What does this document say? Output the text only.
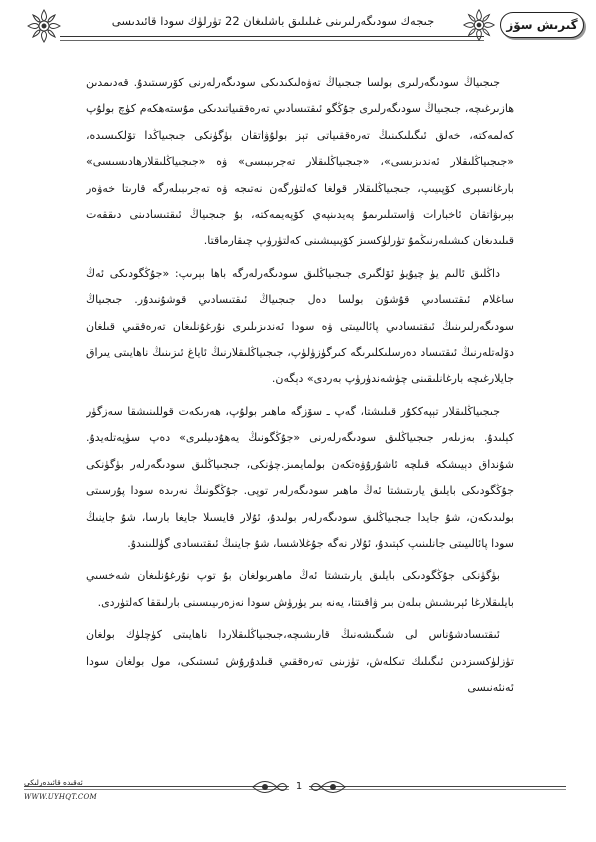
جىجەك سودىگەرلىرىنى غىلىلىق باشلىغان 22 تۈرلۈك سودا قائىدىسى	گىرىش سۆز

جىجىياڭ سودىگەرلىرى بولسا جىجىياڭ تەۋەلىكىدىكى سودىگەرلەرنى كۆرسىتىدۇ. قەدىمدىن ھازىرغىچە، جىجىياڭ سودىگەرلىرى جۇڭگو ئىقتىسادىي تەرەققىياتىدىكى مۇستەھكەم كۈچ بولۇپ كەلمەكتە، خەلق ئىگىلىكىنىڭ تەرەققىياتى تېز بولۇۋاتقان بۈگۈنكى جىجىياڭدا تۆلكىسىدە، «جىجىياڭلىقلار ئەندىزىسى»، «جىجىياڭلىقلار تەجرىبىسى» ۋە «جىجىياڭلىقلارھادىسىسى» بارغانسېرى كۆپىيىپ، جىجىياڭلىقلار قولغا كەلتۈرگەن نەتىجە ۋە تەجرىبىلەرگە قارىتا خەۋەر بېرىۋاتقان ئاخبارات ۋاستىلىرىمۇ پەيدىنپەي كۆپەيمەكتە، بۇ جىجىياڭ ئىقتىسادىنى دىققەت قىلىدىغان كىشىلەرنىڭمۇ تۈرلۈكسىز كۆپىيىشىنى كەلتۈرۈپ چىقارماقتا.

داڭلىق ئالىم يۈ چيۇيۈ ئۆلگىرى جىجىياڭلىق سودىگەرلەرگە باھا بېرىپ: «جۇڭگودىكى ئەڭ ساغلام ئىقتىسادىي قۇشۇن بولسا دەل جىجىياڭ ئىقتىسادىي قوشۇنىدۇر. جىجىياڭ سودىگەرلىرىنىڭ ئىقتىسادىي پائالىيىتى ۋە سودا ئەندىزىلىرى نۇرغۇنلىغان تەرەققىي قىلغان دۆلەتلەرنىڭ ئىقتىساد دەرسلىكلىرىگە كىرگۈزۈلۈپ، جىجىياڭلىقلارنىڭ ئاياغ ئىزىنىڭ ناھايىتى يىراق جايلارغىچە بارغانلىقىنى چۈشەندۈرۈپ بەردى» دېگەن.

جىجىياڭلىقلار تېپەككۇر قىلىشتا، گەپ ـ سۆزگە ماھىر بولۇپ، ھەرىكەت قوللىنىشقا سەزگۈر كېلىدۇ. بەزىلەر جىجىياڭلىق سودىگەرلەرنى «جۇڭگونىڭ يەھۇدىيلىرى» دەپ سۈپەتلەيدۇ. شۇنداق دېيىشكە قىلچە ئاشۇرۇۋەتكەن بولمايمىز.چۈنكى، جىجىياڭلىق سودىگەرلەر بۈگۈنكى جۇڭگودىكى بايلىق يارىتىشتا ئەڭ ماھىر سودىگەرلەر توپى. جۇڭگونىڭ نەرىدە سودا پۇرسىتى بولىدىكەن، شۇ جايدا جىجىياڭلىق سودىگەرلەر بولىدۇ، ئۇلار قايسىلا جايغا بارسا، شۇ جاينىڭ سودا پائالىيىتى جانلىنىپ كېتىدۇ، ئۇلار نەگە جۇغلاشسا، شۇ جاينىڭ ئىقتىسادى گۈللىنىدۇ.

بۈگۈنكى جۇڭگودىكى بايلىق يارىتىشتا ئەڭ ماھىربولغان بۇ توپ نۇرغۇنلىغان شەخسىي بايلىقلارغا ئېرىشىش بىلەن بىر ۋاقىتتا، يەنە بىر يۈرۈش سودا نەزەرىيىسىنى بارلىققا كەلتۈردى.

ئىقتىسادشۇناس لى شىگىشەنىڭ قارىشىچە،جىجىياڭلىقلاردا ناھايىتى كۈچلۈك بولغان تۈزلۈكسىزدىن ئىگىلىك تىكلەش، تۈزىنى تەرەققىي قىلدۇرۇش ئىستىكى، مول بولغان سودا ئەنئەنىسى

1
ئەقىدە قائىدەرلىكى
WWW.UYHQT.COM
